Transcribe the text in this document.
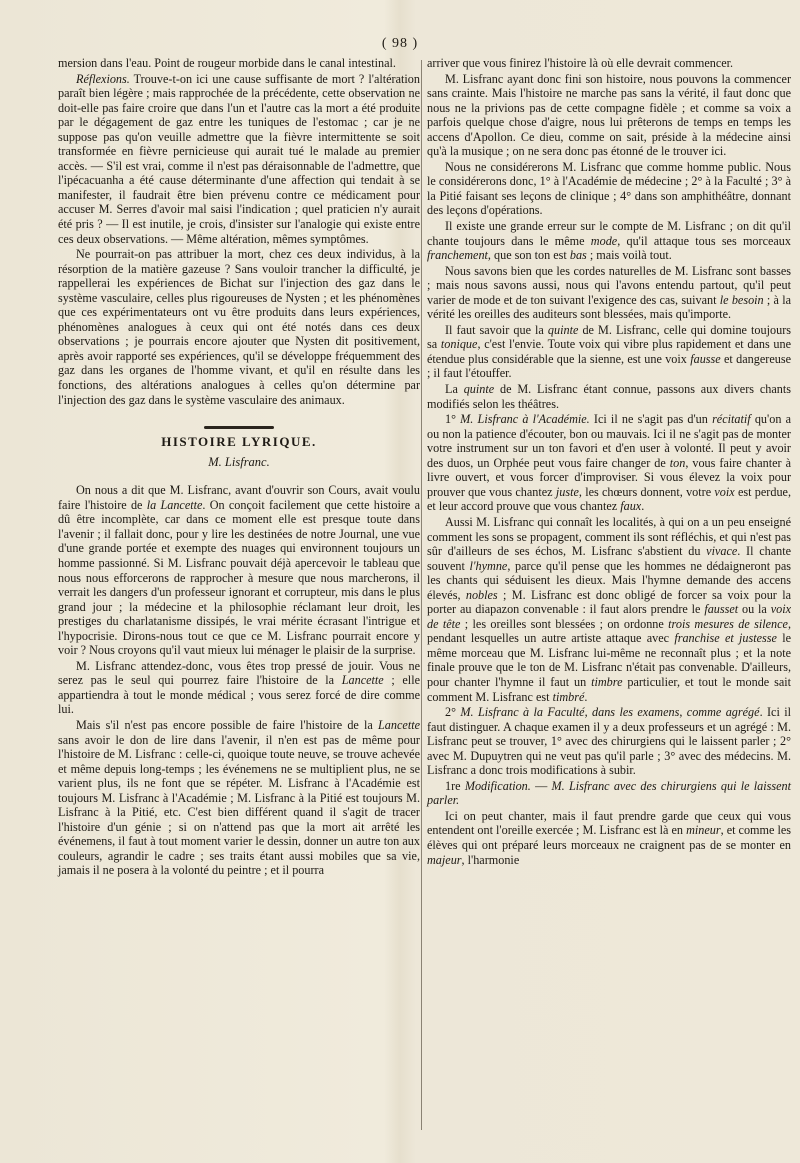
( 98 )

mersion dans l'eau. Point de rougeur morbide dans le canal intestinal.

Réflexions. Trouve-t-on ici une cause suffisante de mort ? l'altération paraît bien légère ; mais rapprochée de la précédente, cette observation ne doit-elle pas faire croire que dans l'un et l'autre cas la mort a été produite par le dégagement de gaz entre les tuniques de l'estomac ; car je ne suppose pas qu'on veuille admettre que la fièvre intermittente se soit transformée en fièvre pernicieuse qui aurait tué le malade au premier accès. — S'il est vrai, comme il n'est pas déraisonnable de l'admettre, que l'ipécacuanha a été cause déterminante d'une affection qui tendait à se manifester, il faudrait être bien prévenu contre ce médicament pour accuser M. Serres d'avoir mal saisi l'indication ; quel praticien n'y aurait été pris ? — Il est inutile, je crois, d'insister sur l'analogie qui existe entre ces deux observations. — Même altération, mêmes symptômes.

Ne pourrait-on pas attribuer la mort, chez ces deux individus, à la résorption de la matière gazeuse ? Sans vouloir trancher la difficulté, je rappellerai les expériences de Bichat sur l'injection des gaz dans le système vasculaire, celles plus rigoureuses de Nysten ; et les phénomènes que ces expérimentateurs ont vu être produits dans leurs expériences, phénomènes analogues à ceux qui ont été notés dans ces deux observations ; je pourrais encore ajouter que Nysten dit positivement, après avoir rapporté ses expériences, qu'il se développe fréquemment des gaz dans les organes de l'homme vivant, et qu'il en résulte dans les fonctions, des altérations analogues à celles qu'on détermine par l'injection des gaz dans le système vasculaire des animaux.

HISTOIRE LYRIQUE.
M. Lisfranc.

On nous a dit que M. Lisfranc, avant d'ouvrir son Cours, avait voulu faire l'histoire de la Lancette. On conçoit facilement que cette histoire a dû être incomplète, car dans ce moment elle est presque toute dans l'avenir ; il fallait donc, pour y lire les destinées de notre Journal, une vue d'une grande portée et exempte des nuages qui environnent toujours un homme passionné. Si M. Lisfranc pouvait déjà apercevoir le tableau que nous nous efforcerons de rapprocher à mesure que nous marcherons, il verrait les dangers d'un professeur ignorant et corrupteur, mis dans le plus grand jour ; la médecine et la philosophie réclamant leur droit, les prestiges du charlatanisme dissipés, le vrai mérite écrasant l'intrigue et l'hypocrisie. Dirons-nous tout ce que ce M. Lisfranc pourrait encore y voir ? Nous croyons qu'il vaut mieux lui ménager le plaisir de la surprise.

M. Lisfranc attendez-donc, vous êtes trop pressé de jouir. Vous ne serez pas le seul qui pourrez faire l'histoire de la Lancette ; elle appartiendra à tout le monde médical ; vous serez forcé de dire comme lui.

Mais s'il n'est pas encore possible de faire l'histoire de la Lancette sans avoir le don de lire dans l'avenir, il n'en est pas de même pour l'histoire de M. Lisfranc : celle-ci, quoique toute neuve, se trouve achevée et même depuis long-temps ; les événemens ne se multiplient plus, ne se varient plus, ils ne font que se répéter. M. Lisfranc à l'Académie est toujours M. Lisfranc à l'Académie ; M. Lisfranc à la Pitié est toujours M. Lisfranc à la Pitié, etc. C'est bien différent quand il s'agit de tracer l'histoire d'un génie ; si on n'attend pas que la mort ait arrêté les événemens, il faut à tout moment varier le dessin, donner un autre ton aux couleurs, agrandir le cadre ; ses traits étant aussi mobiles que sa vie, jamais il ne posera à la volonté du peintre ; et il pourra

arriver que vous finirez l'histoire là où elle devrait commencer.

M. Lisfranc ayant donc fini son histoire, nous pouvons la commencer sans crainte. Mais l'histoire ne marche pas sans la vérité, il faut donc que nous ne la privions pas de cette compagne fidèle ; et comme sa voix a parfois quelque chose d'aigre, nous lui prêterons de temps en temps les accens d'Apollon. Ce dieu, comme on sait, préside à la médecine ainsi qu'à la musique ; on ne sera donc pas étonné de le trouver ici.

Nous ne considérerons M. Lisfranc que comme homme public. Nous le considérerons donc, 1° à l'Académie de médecine ; 2° à la Faculté ; 3° à la Pitié faisant ses leçons de clinique ; 4° dans son amphithéâtre, donnant des leçons d'opérations.

Il existe une grande erreur sur le compte de M. Lisfranc ; on dit qu'il chante toujours dans le même mode, qu'il attaque tous ses morceaux franchement, que son ton est bas ; mais voilà tout.

Nous savons bien que les cordes naturelles de M. Lisfranc sont basses ; mais nous savons aussi, nous qui l'avons entendu partout, qu'il peut varier de mode et de ton suivant l'exigence des cas, suivant le besoin ; à la vérité les oreilles des auditeurs sont blessées, mais qu'importe.

Il faut savoir que la quinte de M. Lisfranc, celle qui domine toujours sa tonique, c'est l'envie. Toute voix qui vibre plus rapidement et dans une étendue plus considérable que la sienne, est une voix fausse et dangereuse ; il faut l'étouffer.

La quinte de M. Lisfranc étant connue, passons aux divers chants modifiés selon les théâtres.

1° M. Lisfranc à l'Académie. Ici il ne s'agit pas d'un récitatif qu'on a ou non la patience d'écouter, bon ou mauvais. Ici il ne s'agit pas de monter votre instrument sur un ton favori et d'en user à volonté. Il peut y avoir des duos, un Orphée peut vous faire changer de ton, vous faire chanter à livre ouvert, et vous forcer d'improviser. Si vous élevez la voix pour prouver que vous chantez juste, les chœurs donnent, votre voix est perdue, et leur accord prouve que vous chantez faux.

Aussi M. Lisfranc qui connaît les localités, à qui on a un peu enseigné comment les sons se propagent, comment ils sont réfléchis, et qui n'est pas sûr d'ailleurs de ses échos, M. Lisfranc s'abstient du vivace. Il chante souvent l'hymne, parce qu'il pense que les hommes ne dédaigneront pas les chants qui séduisent les dieux. Mais l'hymne demande des accens élevés, nobles ; M. Lisfranc est donc obligé de forcer sa voix pour la porter au diapazon convenable : il faut alors prendre le fausset ou la voix de tête ; les oreilles sont blessées ; on ordonne trois mesures de silence, pendant lesquelles un autre artiste attaque avec franchise et justesse le même morceau que M. Lisfranc lui-même ne reconnaît plus ; et la note finale prouve que le ton de M. Lisfranc n'était pas convenable. D'ailleurs, pour chanter l'hymne il faut un timbre particulier, et tout le monde sait comment M. Lisfranc est timbré.

2° M. Lisfranc à la Faculté, dans les examens, comme agrégé. Ici il faut distinguer. A chaque examen il y a deux professeurs et un agrégé : M. Lisfranc peut se trouver, 1° avec des chirurgiens qui le laissent parler ; 2° avec M. Dupuytren qui ne veut pas qu'il parle ; 3° avec des médecins. M. Lisfranc a donc trois modifications à subir.

1re Modification. — M. Lisfranc avec des chirurgiens qui le laissent parler.

Ici on peut chanter, mais il faut prendre garde que ceux qui vous entendent ont l'oreille exercée ; M. Lisfranc est là en mineur, et comme les élèves qui ont préparé leurs morceaux ne craignent pas de se monter en majeur, l'harmonie
